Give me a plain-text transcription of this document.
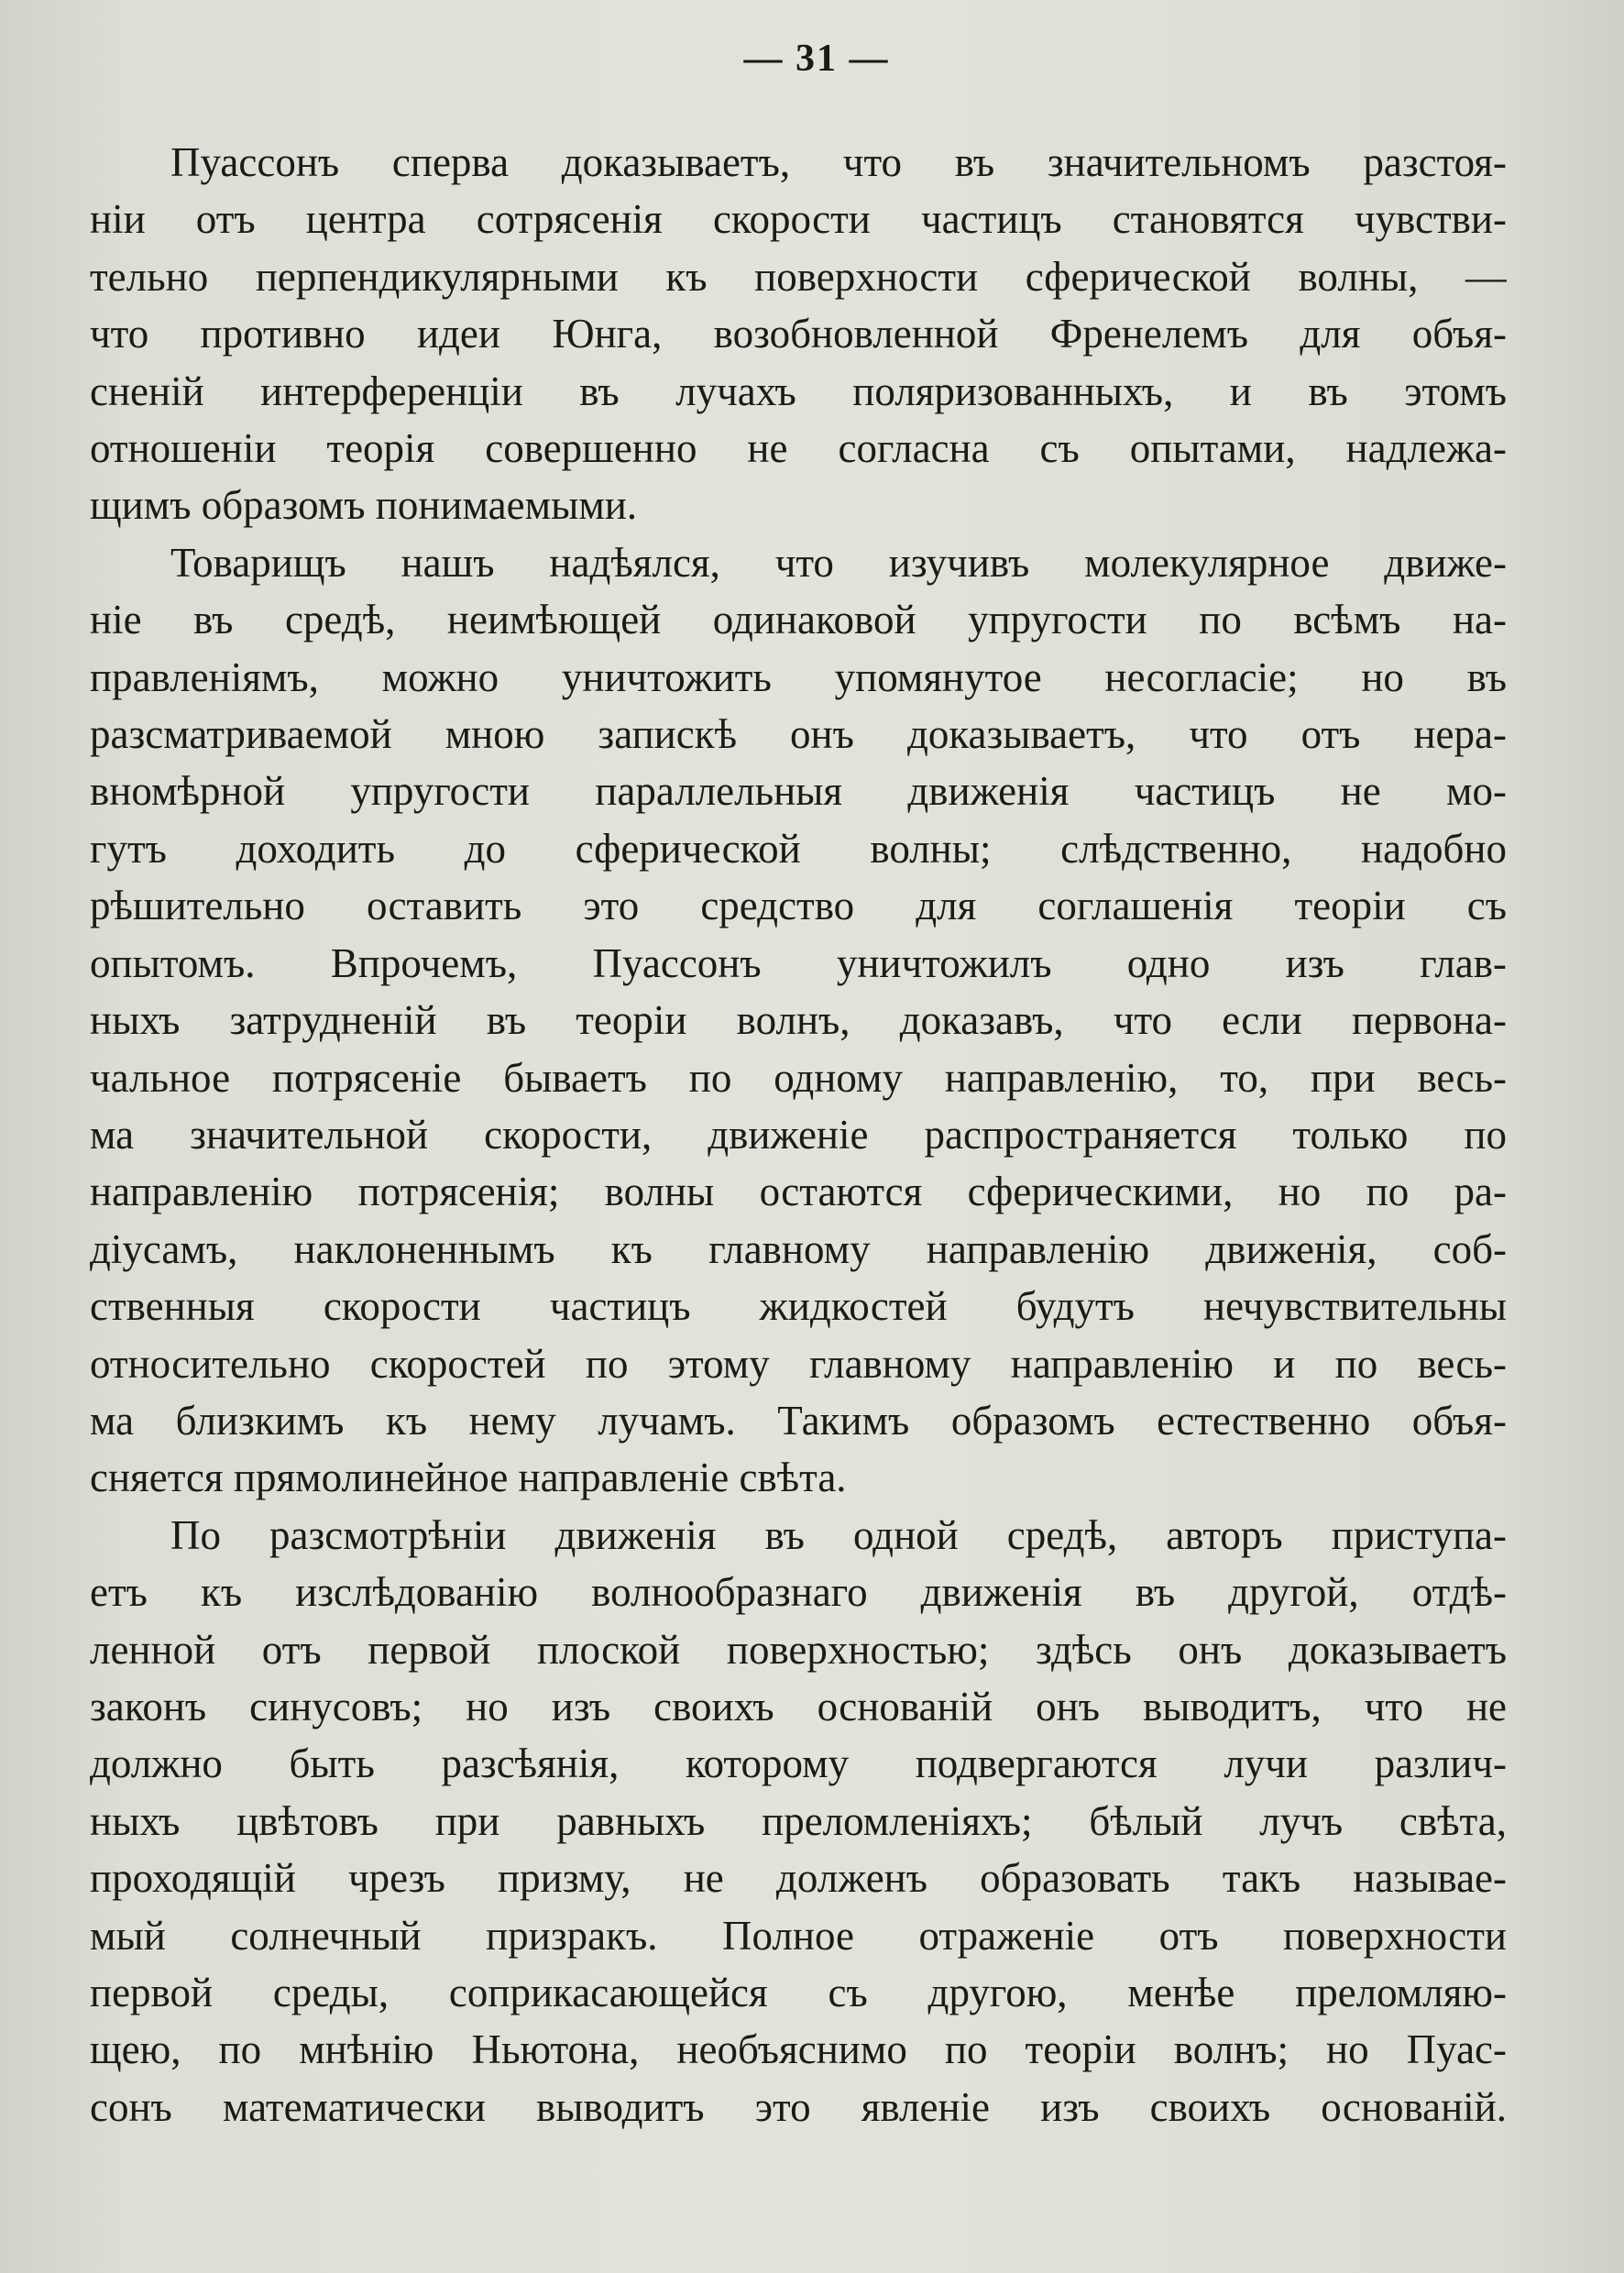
— 31 —
Пуассонъ сперва доказываетъ, что въ значительномъ разстоя-
ніи отъ центра сотрясенія скорости частицъ становятся чувстви-
тельно перпендикулярными къ поверхности сферической волны, —
что противно идеи Юнга, возобновленной Френелемъ для объя-
сненій интерференціи въ лучахъ поляризованныхъ, и въ этомъ
отношеніи теорія совершенно не согласна съ опытами, надлежа-
щимъ образомъ понимаемыми.
Товарищъ нашъ надѣялся, что изучивъ молекулярное движе-
ніе въ средѣ, неимѣющей одинаковой упругости по всѣмъ на-
правленіямъ, можно уничтожить упомянутое несогласіе; но въ
разсматриваемой мною запискѣ онъ доказываетъ, что отъ нера-
вномѣрной упругости параллельныя движенія частицъ не мо-
гутъ доходить до сферической волны; слѣдственно, надобно
рѣшительно оставить это средство для соглашенія теоріи съ
опытомъ. Впрочемъ, Пуассонъ уничтожилъ одно изъ глав-
ныхъ затрудненій въ теоріи волнъ, доказавъ, что если первона-
чальное потрясеніе бываетъ по одному направленію, то, при весь-
ма значительной скорости, движеніе распространяется только по
направленію потрясенія; волны остаются сферическими, но по ра-
діусамъ, наклоненнымъ къ главному направленію движенія, соб-
ственныя скорости частицъ жидкостей будутъ нечувствительны
относительно скоростей по этому главному направленію и по весь-
ма близкимъ къ нему лучамъ. Такимъ образомъ естественно объя-
сняется прямолинейное направленіе свѣта.
По разсмотрѣніи движенія въ одной средѣ, авторъ приступа-
етъ къ изслѣдованію волнообразнаго движенія въ другой, отдѣ-
ленной отъ первой плоской поверхностью; здѣсь онъ доказываетъ
законъ синусовъ; но изъ своихъ основаній онъ выводитъ, что не
должно быть разсѣянія, которому подвергаются лучи различ-
ныхъ цвѣтовъ при равныхъ преломленіяхъ; бѣлый лучъ свѣта,
проходящій чрезъ призму, не долженъ образовать такъ называе-
мый солнечный призракъ. Полное отраженіе отъ поверхности
первой среды, соприкасающейся съ другою, менѣе преломляю-
щею, по мнѣнію Ньютона, необъяснимо по теоріи волнъ; но Пуас-
сонъ математически выводитъ это явленіе изъ своихъ основаній.
